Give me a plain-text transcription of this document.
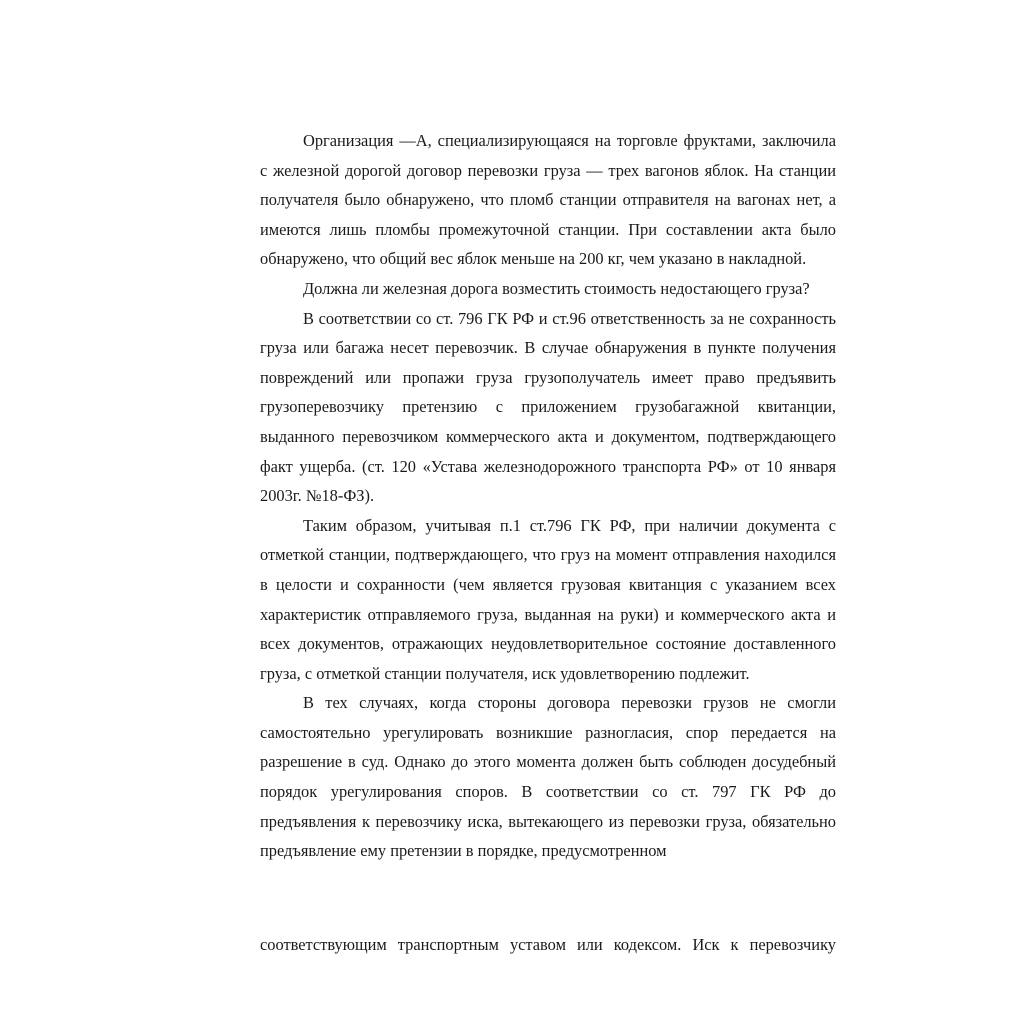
Организация —А, специализирующаяся на торговле фруктами, заключила с железной дорогой договор перевозки груза — трех вагонов яблок. На станции получателя было обнаружено, что пломб станции отправителя на вагонах нет, а имеются лишь пломбы промежуточной станции. При составлении акта было обнаружено, что общий вес яблок меньше на 200 кг, чем указано в накладной.

Должна ли железная дорога возместить стоимость недостающего груза?

В соответствии со ст. 796 ГК РФ и ст.96 ответственность за не сохранность груза или багажа несет перевозчик. В случае обнаружения в пункте получения повреждений или пропажи груза грузополучатель имеет право предъявить грузоперевозчику претензию с приложением грузобагажной квитанции, выданного перевозчиком коммерческого акта и документом, подтверждающего факт ущерба. (ст. 120 «Устава железнодорожного транспорта РФ» от 10 января 2003г. №18-ФЗ).

Таким образом, учитывая п.1 ст.796 ГК РФ, при наличии документа с отметкой станции, подтверждающего, что груз на момент отправления находился в целости и сохранности (чем является грузовая квитанция с указанием всех характеристик отправляемого груза, выданная на руки) и коммерческого акта и всех документов, отражающих неудовлетворительное состояние доставленного груза, с отметкой станции получателя, иск удовлетворению подлежит.

В тех случаях, когда стороны договора перевозки грузов не смогли самостоятельно урегулировать возникшие разногласия, спор передается на разрешение в суд. Однако до этого момента должен быть соблюден досудебный порядок урегулирования споров. В соответствии со ст. 797 ГК РФ до предъявления к перевозчику иска, вытекающего из перевозки груза, обязательно предъявление ему претензии в порядке, предусмотренном

соответствующим транспортным уставом или кодексом. Иск к перевозчику
